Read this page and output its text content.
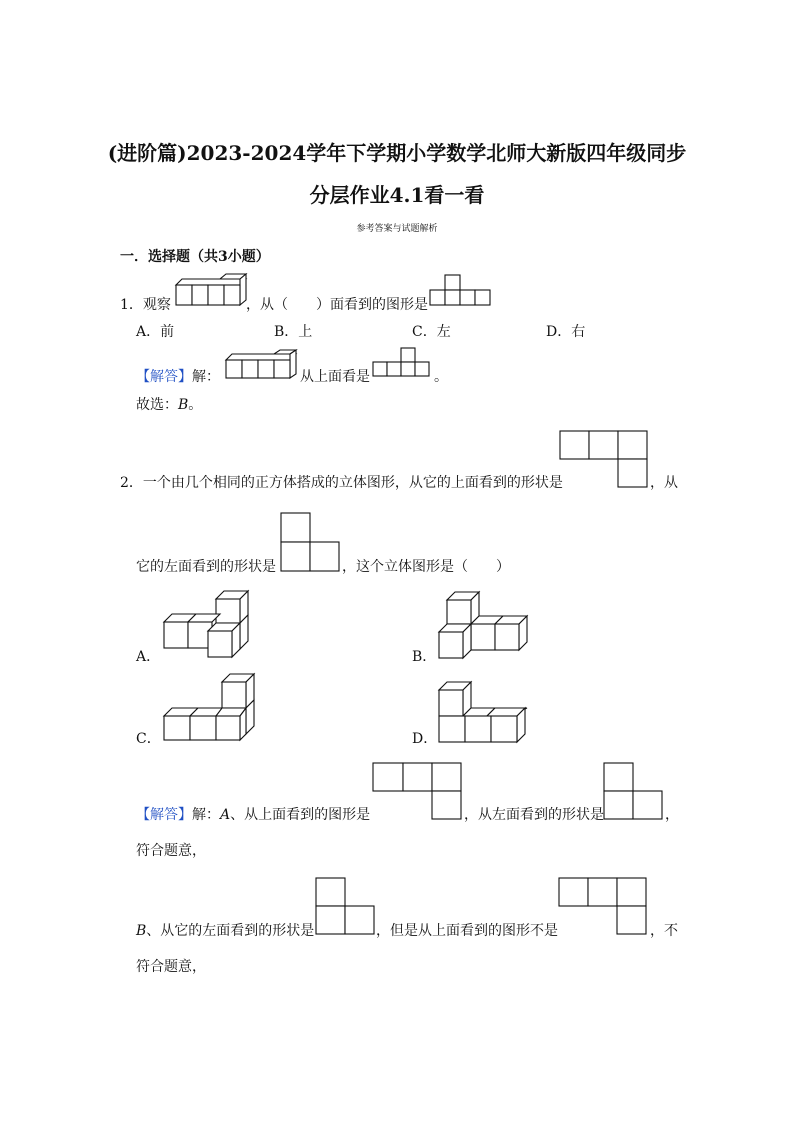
(进阶篇)2023-2024学年下学期小学数学北师大新版四年级同步
分层作业4.1看一看
参考答案与试题解析
一．选择题（共3小题）
1．观察	，从（　　）面看到的图形是
A．前	B．上	C．左	D．右
【解答】 解：	从上面看是	。
故选：B。
2．一个由几个相同的正方体搭成的立体图形，从它的上面看到的形状是	，从
它的左面看到的形状是	，这个立体图形是（　　）
A．	B．
C．	D．
【解答】解：A、从上面看到的图形是	，从左面看到的形状是	，
符合题意，
B、从它的左面看到的形状是	，但是从上面看到的图形不是	，不
符合题意，
